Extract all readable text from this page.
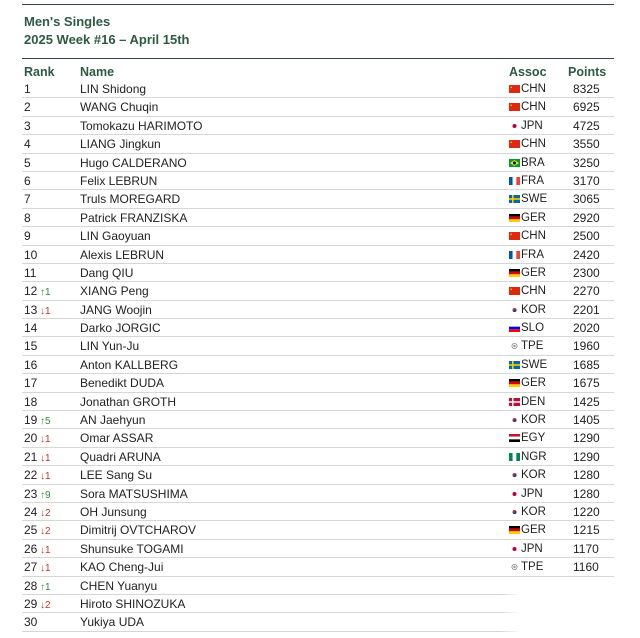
Men's Singles
2025 Week #16 – April 15th
Rank Name	Assoc Points
1	LIN Shidong	CHN 8325
2	WANG Chuqin	CHN 6925
3	Tomokazu HARIMOTO	JPN	4725
4	LIANG Jingkun	CHN 3550
5	Hugo CALDERANO	BRA 3250
6	Felix LEBRUN	FRA 3170
7	Truls MOREGARD	SWE 3065
8	Patrick FRANZISKA	GER 2920
9	LIN Gaoyuan	CHN 2500
10	Alexis LEBRUN	FRA 2420
11	Dang QIU	GER 2300
12 ↑1 XIANG Peng	CHN 2270
13 ↓1 JANG Woojin	KOR 2201
14	Darko JORGIC	SLO 2020
15	LIN Yun-Ju	TPE 1960
16	Anton KALLBERG	SWE 1685
17	Benedikt DUDA	GER 1675
18	Jonathan GROTH	DEN 1425
19 ↑5 AN Jaehyun	KOR 1405
20 ↓1 Omar ASSAR	EGY 1290
21 ↓1 Quadri ARUNA	NGR 1290
22 ↓1 LEE Sang Su	KOR 1280
23 ↑9 Sora MATSUSHIMA	JPN	1280
24 ↓2 OH Junsung	KOR 1220
25 ↓2 Dimitrij OVTCHAROV	GER 1215
26 ↓1 Shunsuke TOGAMI	JPN	1170
27 ↓1 KAO Cheng-Jui	TPE 1160
28 ↑1 CHEN Yuanyu
29 ↓2 Hiroto SHINOZUKA
30	Yukiya UDA
